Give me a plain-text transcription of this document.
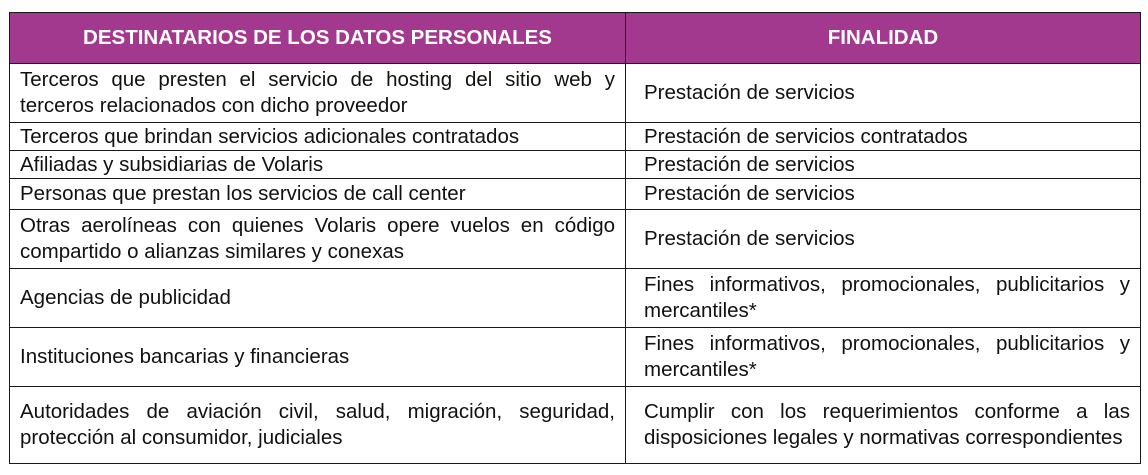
DESTINATARIOS DE LOS DATOS PERSONALES	FINALIDAD
Terceros que presten el servicio de hosting del sitio web y terceros relacionados con dicho proveedor	Prestación de servicios
Terceros que brindan servicios adicionales contratados	Prestación de servicios contratados
Afiliadas y subsidiarias de Volaris	Prestación de servicios
Personas que prestan los servicios de call center	Prestación de servicios
Otras aerolíneas con quienes Volaris opere vuelos en código compartido o alianzas similares y conexas	Prestación de servicios
Agencias de publicidad	Fines informativos, promocionales, publicitarios y mercantiles*
Instituciones bancarias y financieras	Fines informativos, promocionales, publicitarios y mercantiles*
Autoridades de aviación civil, salud, migración, seguridad, protección al consumidor, judiciales	Cumplir con los requerimientos conforme a las disposiciones legales y normativas correspondientes
